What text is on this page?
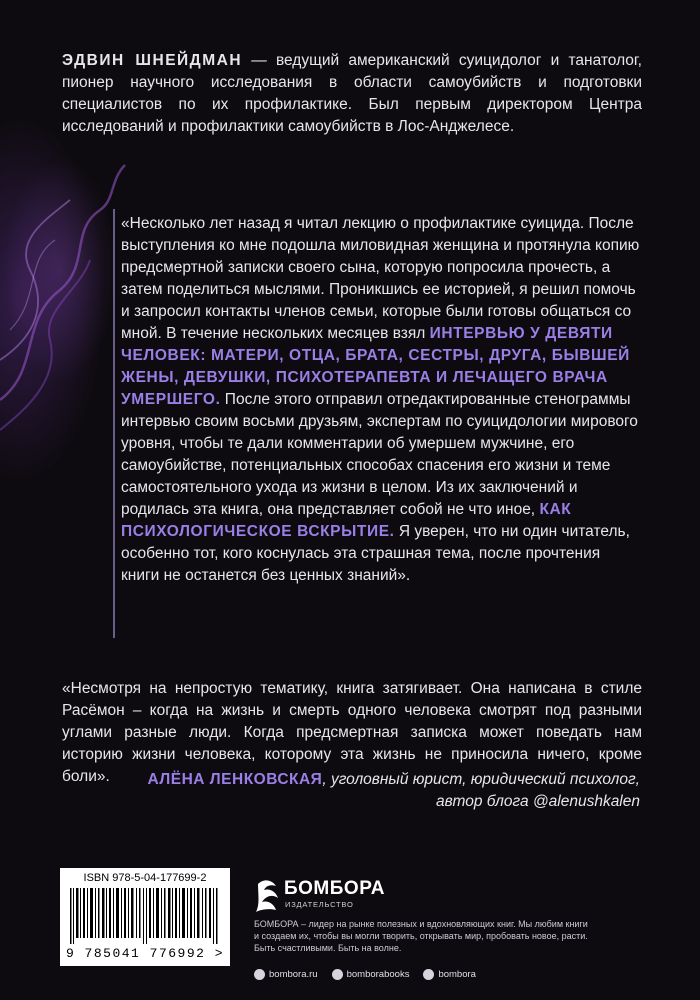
ЭДВИН ШНЕЙДМАН — ведущий американский суицидолог и танатолог, пионер научного исследования в области самоубийств и подготовки специалистов по их профилактике. Был первым директором Центра исследований и профилактики самоубийств в Лос-Анджелесе.
«Несколько лет назад я читал лекцию о профилактике суицида. После выступления ко мне подошла миловидная женщина и протянула копию предсмертной записки своего сына, которую попросила прочесть, а затем поделиться мыслями. Проникшись ее историей, я решил помочь и запросил контакты членов семьи, которые были готовы общаться со мной. В течение нескольких месяцев взял ИНТЕРВЬЮ У ДЕВЯТИ ЧЕЛОВЕК: МАТЕРИ, ОТЦА, БРАТА, СЕСТРЫ, ДРУГА, БЫВШЕЙ ЖЕНЫ, ДЕВУШКИ, ПСИХОТЕРАПЕВТА И ЛЕЧАЩЕГО ВРАЧА УМЕРШЕГО. После этого отправил отредактированные стенограммы интервью своим восьми друзьям, экспертам по суицидологии мирового уровня, чтобы те дали комментарии об умершем мужчине, его самоубийстве, потенциальных способах спасения его жизни и теме самостоятельного ухода из жизни в целом. Из их заключений и родилась эта книга, она представляет собой не что иное, КАК ПСИХОЛОГИЧЕСКОЕ ВСКРЫТИЕ. Я уверен, что ни один читатель, особенно тот, кого коснулась эта страшная тема, после прочтения книги не останется без ценных знаний».
«Несмотря на непростую тематику, книга затягивает. Она написана в стиле Расёмон – когда на жизнь и смерть одного человека смотрят под разными углами разные люди. Когда предсмертная записка может поведать нам историю жизни человека, которому эта жизнь не приносила ничего, кроме боли».	АЛЁНА ЛЕНКОВСКАЯ, уголовный юрист, юридический психолог,
автор блога @alenushkalen
ISBN 978-5-04-177699-2
9 785041 776992 >
БОМБОРА
ИЗДАТЕЛЬСТВО
БОМБОРА – лидер на рынке полезных и вдохновляющих книг. Мы любим книги и создаем их, чтобы вы могли творить, открывать мир, пробовать новое, расти. Быть счастливыми. Быть на волне.
bombora.ru	bomborabooks	bombora
